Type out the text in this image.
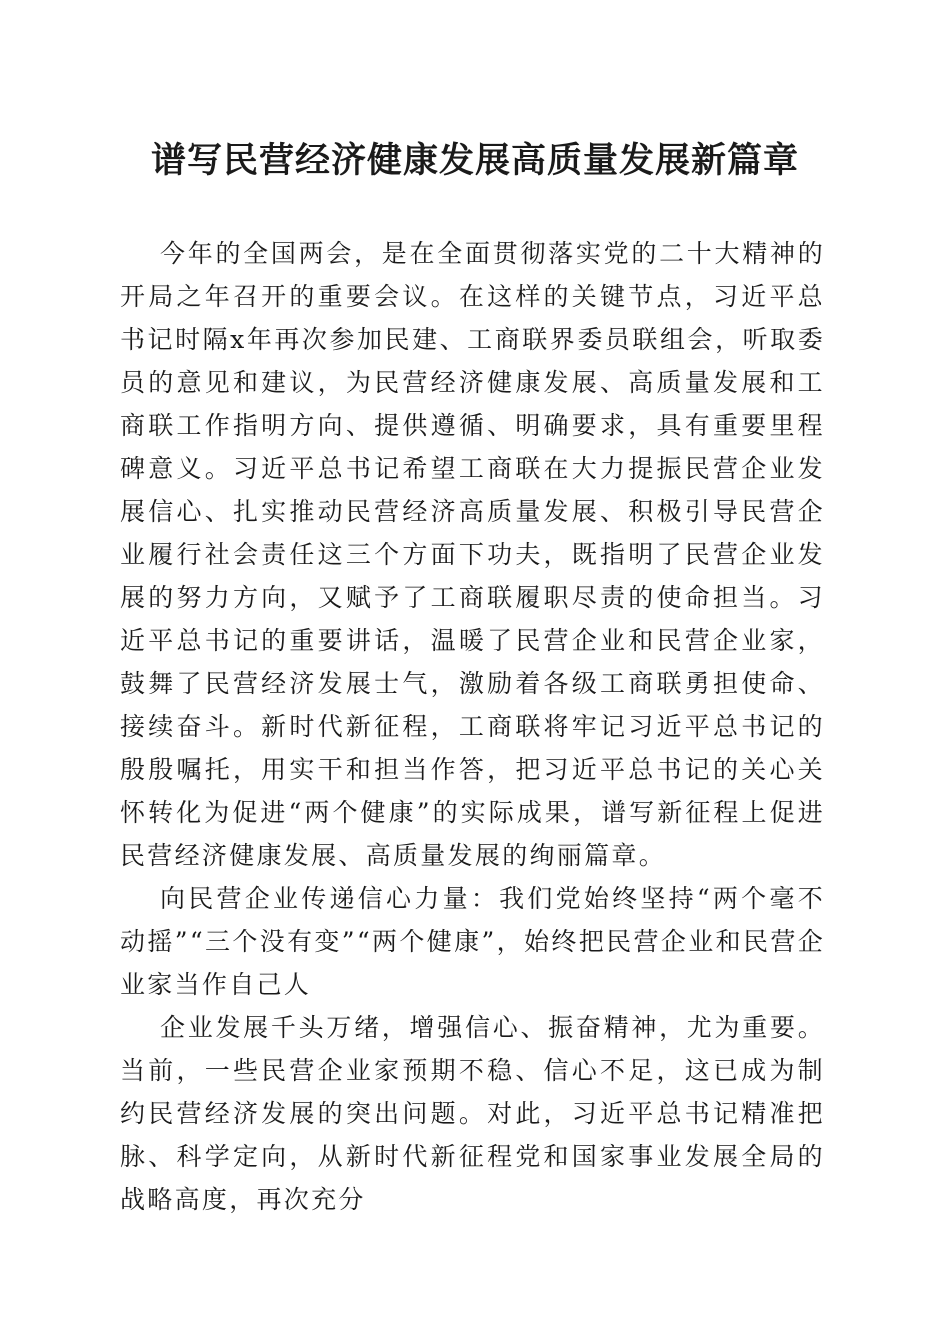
谱写民营经济健康发展高质量发展新篇章

今年的全国两会，是在全面贯彻落实党的二十大精神的开局之年召开的重要会议。在这样的关键节点，习近平总书记时隔x年再次参加民建、工商联界委员联组会，听取委员的意见和建议，为民营经济健康发展、高质量发展和工商联工作指明方向、提供遵循、明确要求，具有重要里程碑意义。习近平总书记希望工商联在大力提振民营企业发展信心、扎实推动民营经济高质量发展、积极引导民营企业履行社会责任这三个方面下功夫，既指明了民营企业发展的努力方向，又赋予了工商联履职尽责的使命担当。习近平总书记的重要讲话，温暖了民营企业和民营企业家，鼓舞了民营经济发展士气，激励着各级工商联勇担使命、接续奋斗。新时代新征程，工商联将牢记习近平总书记的殷殷嘱托，用实干和担当作答，把习近平总书记的关心关怀转化为促进“两个健康”的实际成果，谱写新征程上促进民营经济健康发展、高质量发展的绚丽篇章。

向民营企业传递信心力量：我们党始终坚持“两个毫不动摇”“三个没有变”“两个健康”，始终把民营企业和民营企业家当作自己人

企业发展千头万绪，增强信心、振奋精神，尤为重要。当前，一些民营企业家预期不稳、信心不足，这已成为制约民营经济发展的突出问题。对此，习近平总书记精准把脉、科学定向，从新时代新征程党和国家事业发展全局的战略高度，再次充分
